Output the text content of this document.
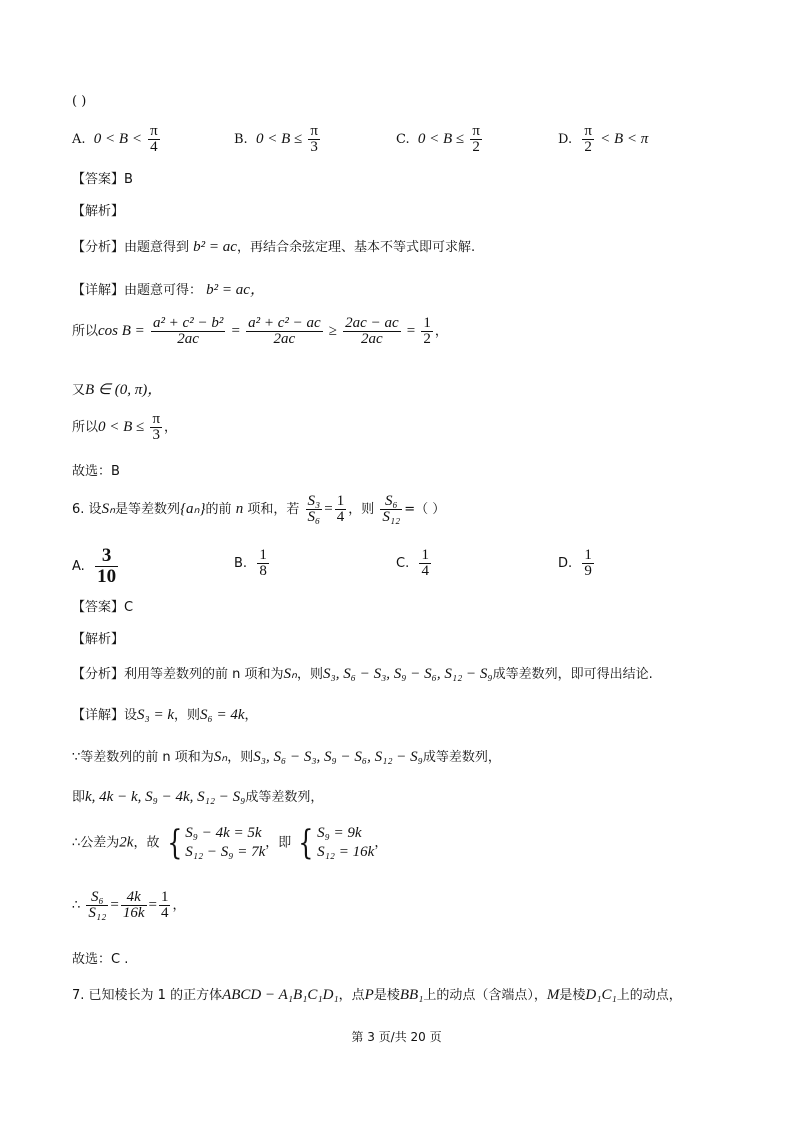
( )
A. $0 < B < \frac{\pi}{4}$	B. $0 < B \le \frac{\pi}{3}$	C. $0 < B \le \frac{\pi}{2}$	D. $\frac{\pi}{2} < B < \pi$
【答案】B
【解析】
【分析】由题意得到 b² = ac，再结合余弦定理、基本不等式即可求解.
【详解】由题意可得： b² = ac，
所以$\cos B = \frac{\text{a² + c² − b²}}{2ac} = \frac{\text{a² + c² − ac}}{2ac} \ge \frac{2ac - ac}{2ac} = \frac{1}{2}$ ，
又B ∈ (0, π)，
所以$0 < B \le \frac{\pi}{3}$ ，
故选：B
6. 设Sₙ是等差数列{aₙ}的前 n 项和，若 $\frac{\text{S₃}}{\text{S₆}} = \frac{1}{4}$ ，则 $\frac{\text{S₆}}{\text{S₁₂}}$ =（ ）
A. $\frac{3}{10}$	B. $\frac{1}{8}$	C. $\frac{1}{4}$	D. $\frac{1}{9}$
【答案】C
【解析】
【分析】利用等差数列的前 n 项和为Sₙ，则S₃, S₆ − S₃, S₉ − S₆, S₁₂ − S₉成等差数列，即可得出结论.
【详解】设S₃ = k，则S₆ = 4k，
∵等差数列的前 n 项和为Sₙ，则S₃, S₆ − S₃, S₉ − S₆, S₁₂ − S₉成等差数列，
即k, 4k − k, S₉ − 4k, S₁₂ − S₉成等差数列，
∴公差为2k，故 { S₉ − 4k = 5k
S₁₂ − S₉ = 7k
，即 { S₉ = 9k
S₁₂ = 16k
，
∴ $\frac{\text{S₆}}{\text{S₁₂}} = \frac{4k}{16k} = \frac{1}{4}$ ，
故选：C .
7. 已知棱长为 1 的正方体ABCD − A₁B₁C₁D₁，点P是棱BB₁上的动点（含端点），M是棱D₁C₁上的动点，
第 3 页/共 20 页
